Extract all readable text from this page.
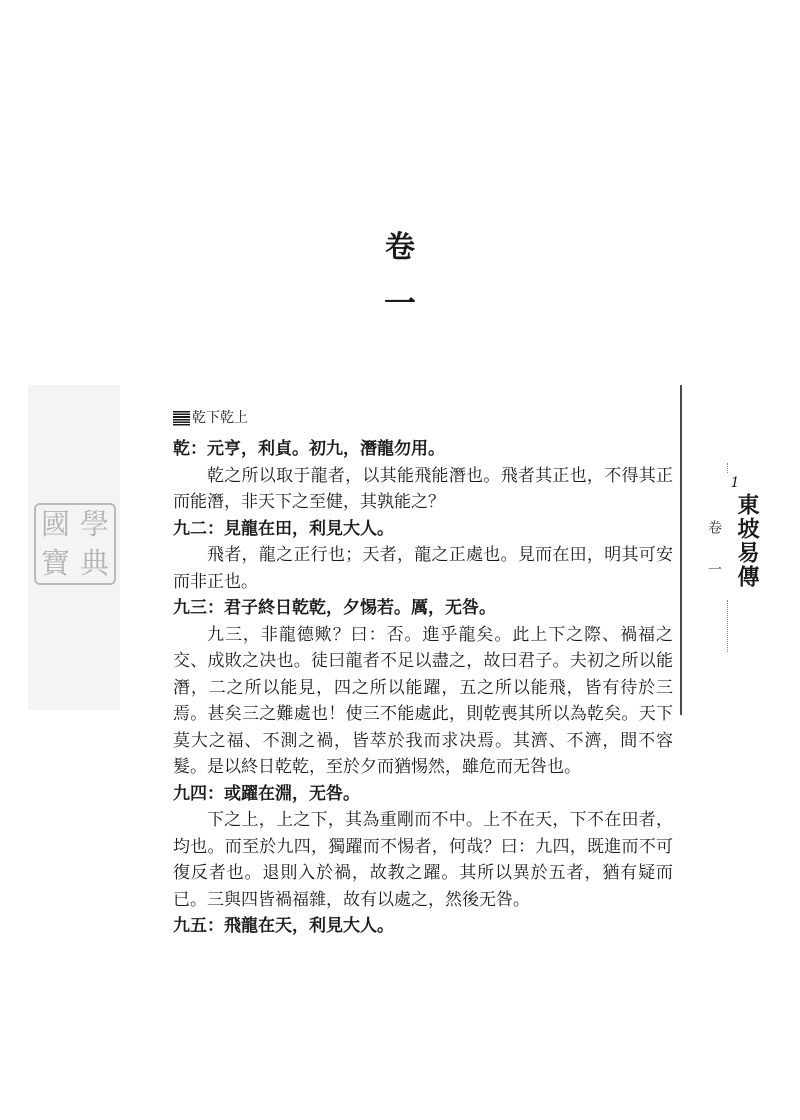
卷
一
國 學
寶 典

乾下乾上

乾：元亨，利貞。初九，潛龍勿用。

乾之所以取于龍者，以其能飛能潛也。飛者其正也，不得其正而能潛，非天下之至健，其孰能之？

九二：見龍在田，利見大人。

飛者，龍之正行也；天者，龍之正處也。見而在田，明其可安而非正也。

九三：君子終日乾乾，夕惕若。厲，无咎。

九三，非龍德歟？曰：否。進乎龍矣。此上下之際、禍福之交、成敗之决也。徒曰龍者不足以盡之，故曰君子。夫初之所以能潛，二之所以能見，四之所以能躍，五之所以能飛，皆有待於三焉。甚矣三之難處也！使三不能處此，則乾喪其所以為乾矣。天下莫大之福、不測之禍，皆萃於我而求决焉。其濟、不濟，間不容髮。是以終日乾乾，至於夕而猶惕然，雖危而无咎也。

九四：或躍在淵，无咎。

下之上，上之下，其為重剛而不中。上不在天，下不在田者，均也。而至於九四，獨躍而不惕者，何哉？曰：九四，既進而不可復反者也。退則入於禍，故教之躍。其所以異於五者，猶有疑而已。三與四皆禍福雜，故有以處之，然後无咎。

九五：飛龍在天，利見大人。

1
東坡易傳
卷一
